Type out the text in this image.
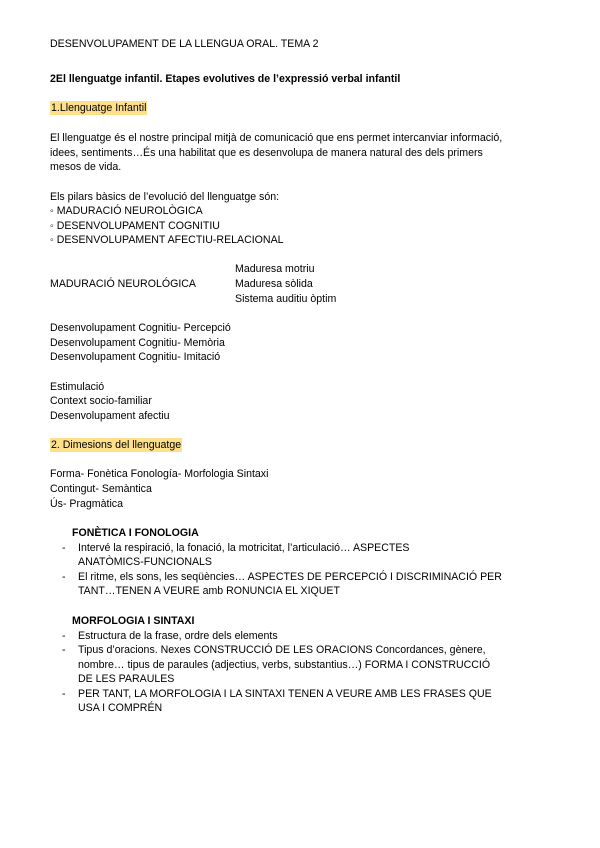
DESENVOLUPAMENT DE LA LLENGUA ORAL. TEMA 2
2El llenguatge infantil. Etapes evolutives de l’expressió verbal infantil
1.Llenguatge Infantil
El llenguatge és el nostre principal mitjà de comunicació que ens permet intercanviar informació,
idees, sentiments…És una habilitat que es desenvolupa de manera natural des dels primers
mesos de vida.
Els pilars bàsics de l’evolució del llenguatge són:
◦ MADURACIÓ NEUROLÒGICA
◦ DESENVOLUPAMENT COGNITIU
◦ DESENVOLUPAMENT AFECTIU-RELACIONAL
Maduresa motriu
MADURACIÓ NEUROLÓGICA	Maduresa sòlida
Sistema auditiu òptim
Desenvolupament Cognitiu- Percepció
Desenvolupament Cognitiu- Memòria
Desenvolupament Cognitiu- Imitació
Estimulació
Context socio-familiar
Desenvolupament afectiu
2. Dimesions del llenguatge
Forma- Fonètica Fonología- Morfologia Sintaxi
Contingut- Semàntica
Ús- Pragmàtica
FONÈTICA I FONOLOGIA
- Intervé la respiració, la fonació, la motricitat, l’articulació… ASPECTES
ANATÒMICS-FUNCIONALS
- El ritme, els sons, les seqüències… ASPECTES DE PERCEPCIÓ I DISCRIMINACIÓ PER
TANT…TENEN A VEURE amb RONUNCIA EL XIQUET
MORFOLOGIA I SINTAXI
- Estructura de la frase, ordre dels elements
- Tipus d’oracions. Nexes CONSTRUCCIÓ DE LES ORACIONS Concordances, gènere,
nombre… tipus de paraules (adjectius, verbs, substantius…) FORMA I CONSTRUCCIÓ
DE LES PARAULES
- PER TANT, LA MORFOLOGIA I LA SINTAXI TENEN A VEURE AMB LES FRASES QUE
USA I COMPRÉN
